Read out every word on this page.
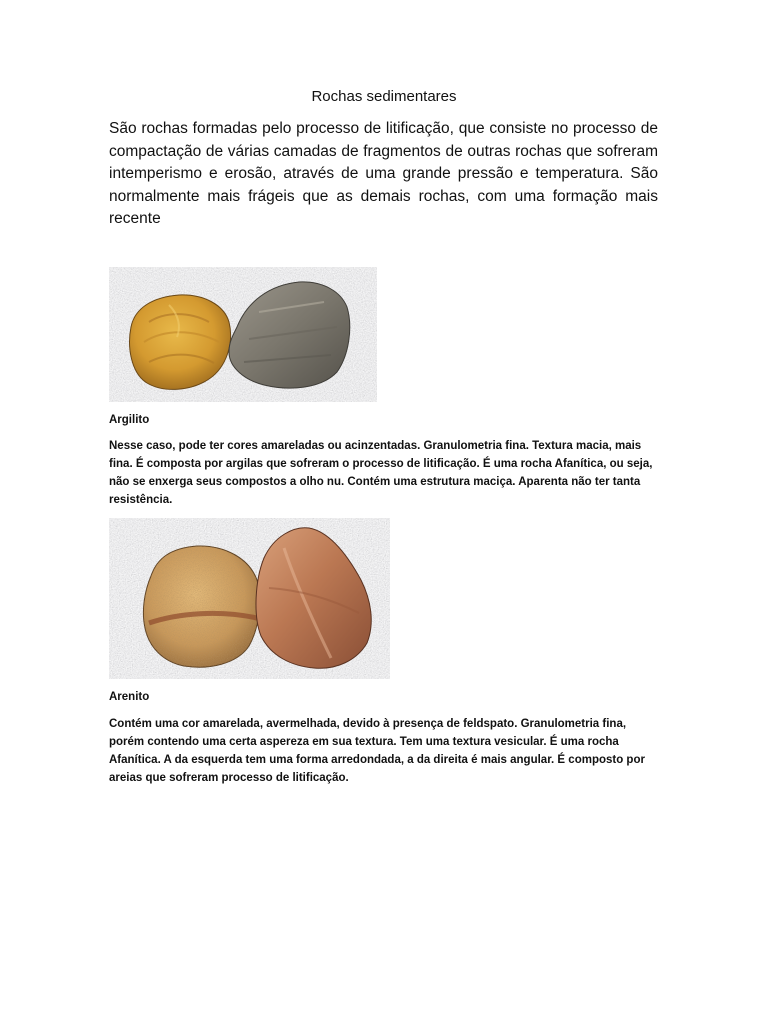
Rochas sedimentares
São rochas formadas pelo processo de litificação, que consiste no processo de compactação de várias camadas de fragmentos de outras rochas que sofreram intemperismo e erosão, através de uma grande pressão e temperatura. São normalmente mais frágeis que as demais rochas, com uma formação mais recente
Argilito
Nesse caso, pode ter cores amareladas ou acinzentadas. Granulometria fina. Textura macia, mais fina. É composta por argilas que sofreram o processo de litificação. É uma rocha Afanítica, ou seja, não se enxerga seus compostos a olho nu. Contém uma estrutura maciça. Aparenta não ter tanta resistência.
Arenito
Contém uma cor amarelada, avermelhada, devido à presença de feldspato. Granulometria fina, porém contendo uma certa aspereza em sua textura. Tem uma textura vesicular. É uma rocha Afanítica. A da esquerda tem uma forma arredondada, a da direita é mais angular. É composto por areias que sofreram processo de litificação.
